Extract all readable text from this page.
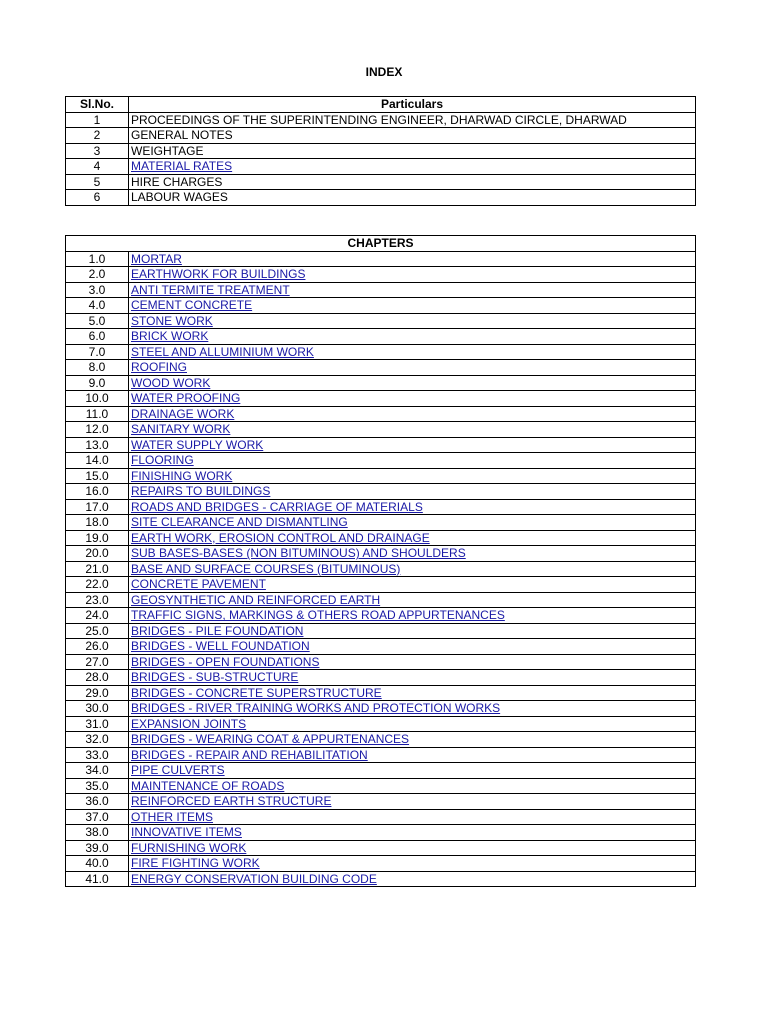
INDEX
Sl.No.	Particulars
1	PROCEEDINGS OF THE SUPERINTENDING ENGINEER, DHARWAD CIRCLE, DHARWAD
2	GENERAL NOTES
3	WEIGHTAGE
4	MATERIAL RATES
5	HIRE CHARGES
6	LABOUR WAGES
CHAPTERS	
1.0	MORTAR
2.0	EARTHWORK FOR BUILDINGS
3.0	ANTI TERMITE TREATMENT
4.0	CEMENT CONCRETE
5.0	STONE WORK
6.0	BRICK WORK
7.0	STEEL AND ALLUMINIUM WORK
8.0	ROOFING
9.0	WOOD WORK
10.0	WATER PROOFING
11.0	DRAINAGE WORK
12.0	SANITARY WORK
13.0	WATER SUPPLY WORK
14.0	FLOORING
15.0	FINISHING WORK
16.0	REPAIRS TO BUILDINGS
17.0	ROADS AND BRIDGES - CARRIAGE OF MATERIALS
18.0	SITE CLEARANCE AND DISMANTLING
19.0	EARTH WORK, EROSION CONTROL AND DRAINAGE
20.0	SUB BASES-BASES (NON BITUMINOUS) AND SHOULDERS
21.0	BASE AND SURFACE COURSES (BITUMINOUS)
22.0	CONCRETE PAVEMENT
23.0	GEOSYNTHETIC AND REINFORCED EARTH
24.0	TRAFFIC SIGNS, MARKINGS & OTHERS ROAD APPURTENANCES
25.0	BRIDGES - PILE FOUNDATION
26.0	BRIDGES - WELL FOUNDATION
27.0	BRIDGES - OPEN FOUNDATIONS
28.0	BRIDGES - SUB-STRUCTURE
29.0	BRIDGES - CONCRETE SUPERSTRUCTURE
30.0	BRIDGES - RIVER TRAINING WORKS AND PROTECTION WORKS
31.0	EXPANSION JOINTS
32.0	BRIDGES - WEARING COAT & APPURTENANCES
33.0	BRIDGES - REPAIR AND REHABILITATION
34.0	PIPE CULVERTS
35.0	MAINTENANCE OF ROADS
36.0	REINFORCED EARTH STRUCTURE
37.0	OTHER ITEMS
38.0	INNOVATIVE ITEMS
39.0	FURNISHING WORK
40.0	FIRE FIGHTING WORK
41.0	ENERGY CONSERVATION BUILDING CODE
